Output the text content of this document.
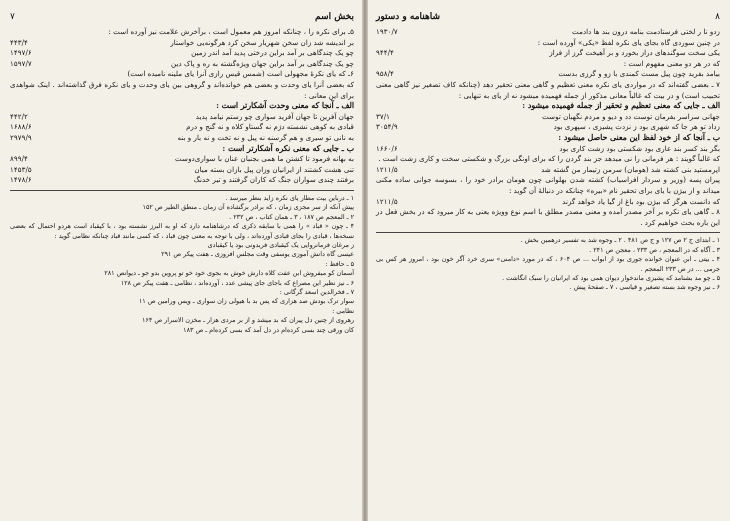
۷	بخش اسم

۵ـ برای نکره را ، چنانکه امروز هم معمول است ، برآخرش علامت نیز آورده است :

بر اندیشه شد زان سخن شهریار سخن کرد هرگونه‌یی خواستار
۴۴۳/۴
چو یک چندگاهی بر آمد براین درختی پدید آمد اندر زمین
۱۴۹۷/۶
چو یک چندگاهی بر آمد براین جهان ویژه‌گشته به ره و پاک دین
۱۵۹۷/۷

۶ـ که یای نکرهٔ مجهولی است (شمس قیس رازی آنرا یای ملینه نامیده است)

که بعضی آنرا یای وحدت و بعضی هم خوانده‌اند و گروهی بین یای وحدت و یای نکره فرق گذاشته‌اند . اینک شواهدی برای این معانی :

الف ـ آنجا که معنی وحدت آشکارتر است :

جهان آفرین تا جهان آفرید سواری چو رستم نیامد پدید
۴۴۲/۲
قبادی به کوهی نشسته دژم نه گستاو کلاه و نه گنج و درم
۱۶۸۸/۶
به نانی تو سیری و هم گرسنه نه پیل و نه تخت و نه بار و بنه
۲۹۷۹/۹

ب ـ جایی که معنی نکره آشکارتر است :

به بهانه فرمود تا کشتن ما همی بجنبان عنان با سواری‌دوست
۸۹۹/۴
تنی هشت کشتند از ایرانیان وزان پیل بازان بسته میان
۱۴۵۳/۵
برفتند چندی سواران جنگ که کاران گرفتند و تیر خدنگ
۱۴۷۸/۶

۱ ـ درباین بیت مطار یای نکره زاید بنظر میرسد .

پیش آنکه از سر مجزی زمان ، که برادر برگشاده آن زمان ـ منطق الطیر ص ۱۵۲

۲ ـ المعجم ص ۱۸۷ ، ۳ ـ همان کتاب ، ص ۲۳۲ .

۴ ـ چون « قباد » را همی با سابقه ذکری که درشاهنامه دارد که او به البرز نشسته بود ، با کیقباد است هردو احتمال که بعضی نسخه‌ها ، قبادی را بجای قبادی آورده‌اند ، ولی با توجه به معنی چون قباد ، که کسی مانند قباد چنانکه نظامی گوید :

ز مرغان فرمانروایی یک کیقبادی فریدونی بود یا کیقبادی

عیسی گاه دانش آموزی یوسفی وقت مجلس افروزی ـ هفت پیکر ص ۲۹۱

۵ ـ حافظ :

آسمان کو میفروش ابن عفت کلاه دارش خوش به بجوی خود خو تو پروین بدو جو ـ دیوانص ۲۸۱

۶ ـ نیز نظیر این مصراع که باجای جای پیشی عدد ، آورده‌اند ، نظامی ـ هفت پیکر ص ۱۲۸

۷ ـ فخرالدین اسعد گرگانی :

سوار ترک بودش صد هزاری که پس بد با هیولی زان سواری ـ ویس ورامین ص ۱۱

نظامی :

رهروی از چنین دل پیران که بد میشد و از بر مردی هزار ـ مخزن الاسرار ص ۱۶۴

کان ورقی چند بسی کرده‌ام در دل آمد که بسی کرده‌ام ـ ص ۱۸۳

شاهنامه و دستور	۸
زدو نا ر لختی فرستادمت بنامه درون بند ها دادمت
۱۹۳۰/۷

در چنین سوردی گاه بجای یای نکره لفظ «یکی» آورده است :

یکی سخت سوگندهای دراز بخورد و بر آهیخت گرز از فراز
۹۴۴/۴

که در هر دو معنی مفهوم است :

بیامد بفرید چون پیل مست کمندی با زو و گرزی بدست
۹۵۸/۴

۷ ـ بعضی گفته‌اند که در مواردی یای نکره معنی تعظیم و گاهی معنی تحقیر دهد (چنانکه کاف تصغیر نیز گاهی معنی تحبیب است) و در بیت که غالباً معانی مذکور از جمله فهمیده میشود نه از یای به تنهایی :

الف ـ جایی که معنی تعظیم و تحقیر از جمله فهمیده میشود :

جهانی سراسر بفرمان توست دد و دیو و مردم نگهبان توست
۳۷/۱
زداد تو هر جا که شهری بود ز نزدت پشیزی ، سپهری بود
۳۰۵۴/۹

ب ـ آنجا که از خود لفظ این معنی حاصل میشود :

بگر بند کسر بند عاری بود شکستی بود زشت کاری بود
۱۶۶۰/۶

که غالباً گویند : هر فرمانی را نی میدهد جز بند گردن را که برای اونگی بزرگ و شکستی سخت و کاری زشت است .

اپرمستید بنی کشته شد (هومان) سرمن زتیمار من گشته شد
۱۲۱۱/۵

پیران پسه (وزیر و سردار افراسیاب) کشته شدن بهلوانی چون هومان برادر خود را ، بسوسه جوانی ساده مکنی میداند و از بیژن با یای برای تحقیر نام «بیره» چنانکه در دنبالهٔ آن گوید :

که دانست هرگز که بیژن بود باغ از گیا یاد خواهد گزند
۱۲۱۱/۵

۸ ـ گاهی یای نکره بر آخر مصدر آمده و معنی مصدر مطلق با اسم نوع وویژه یعنی به کار میرود که در بخش فعل در این باره بحث خواهیم کرد .

۱ ـ ابتدای ج ۲ ص ۱۲۷ و ج ص ۴۸۱ . ۲ ـ وجوه شد به تفسیر درهمین بخش .

۳ ـ آگاه که در المعجم ، ص ۲۳۳ ، معجن ص ۲۴۱ .

۴ ـ بیتی ـ ابن عنوان خوانده جوری بود از ابواب ... ص ۶۰۴ ، که در مورد «دامنی» سری خرد آگر خون بود ، امروز هر کس بی جرمی ... در ص ۲۳۳ المعجم .

۵ ـ چو مد بشنامد که پشیزی ماندخوار دیوان همی بود که ایرانیان را سبک انگاشت .

۶ ـ نیز وجوه شد بسته تصغیر و قیاسی ، ۷ ـ صفحهٔ پیش .
